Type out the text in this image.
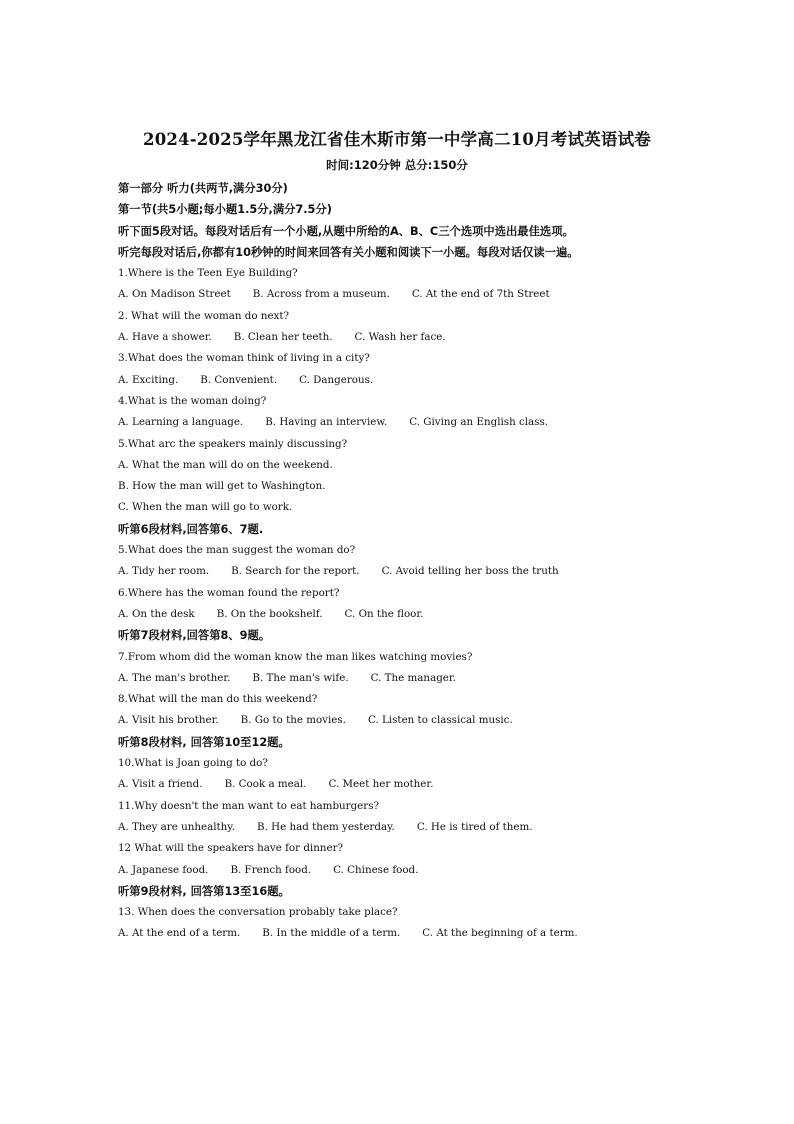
2024-2025学年黑龙江省佳木斯市第一中学高二10月考试英语试卷
时间:120分钟 总分:150分
第一部分 听力(共两节,满分30分)
第一节(共5小题;每小题1.5分,满分7.5分)
听下面5段对话。每段对话后有一个小题,从题中所给的A、B、C三个选项中选出最佳选项。
听完每段对话后,你都有10秒钟的时间来回答有关小题和阅读下一小题。每段对话仅读一遍。
1.Where is the Teen Eye Building?
A. On Madison Street B. Across from a museum. C. At the end of 7th Street
2. What will the woman do next?
A. Have a shower. B. Clean her teeth. C. Wash her face.
3.What does the woman think of living in a city?
A. Exciting. B. Convenient. C. Dangerous.
4.What is the woman doing?
A. Learning a language. B. Having an interview. C. Giving an English class.
5.What arc the speakers mainly discussing?
A. What the man will do on the weekend.
B. How the man will get to Washington.
C. When the man will go to work.
听第6段材料,回答第6、7题.
5.What does the man suggest the woman do?
A. Tidy her room. B. Search for the report. C. Avoid telling her boss the truth
6.Where has the woman found the report?
A. On the desk B. On the bookshelf. C. On the floor.
听第7段材料,回答第8、9题。
7.From whom did the woman know the man likes watching movies?
A. The man's brother. B. The man's wife. C. The manager.
8.What will the man do this weekend?
A. Visit his brother. B. Go to the movies. C. Listen to classical music.
听第8段材料, 回答第10至12题。
10.What is Joan going to do?
A. Visit a friend. B. Cook a meal. C. Meet her mother.
11.Why doesn't the man want to eat hamburgers?
A. They are unhealthy. B. He had them yesterday. C. He is tired of them.
12 What will the speakers have for dinner?
A. Japanese food. B. French food. C. Chinese food.
听第9段材料, 回答第13至16题。
13. When does the conversation probably take place?
A. At the end of a term. B. In the middle of a term. C. At the beginning of a term.
